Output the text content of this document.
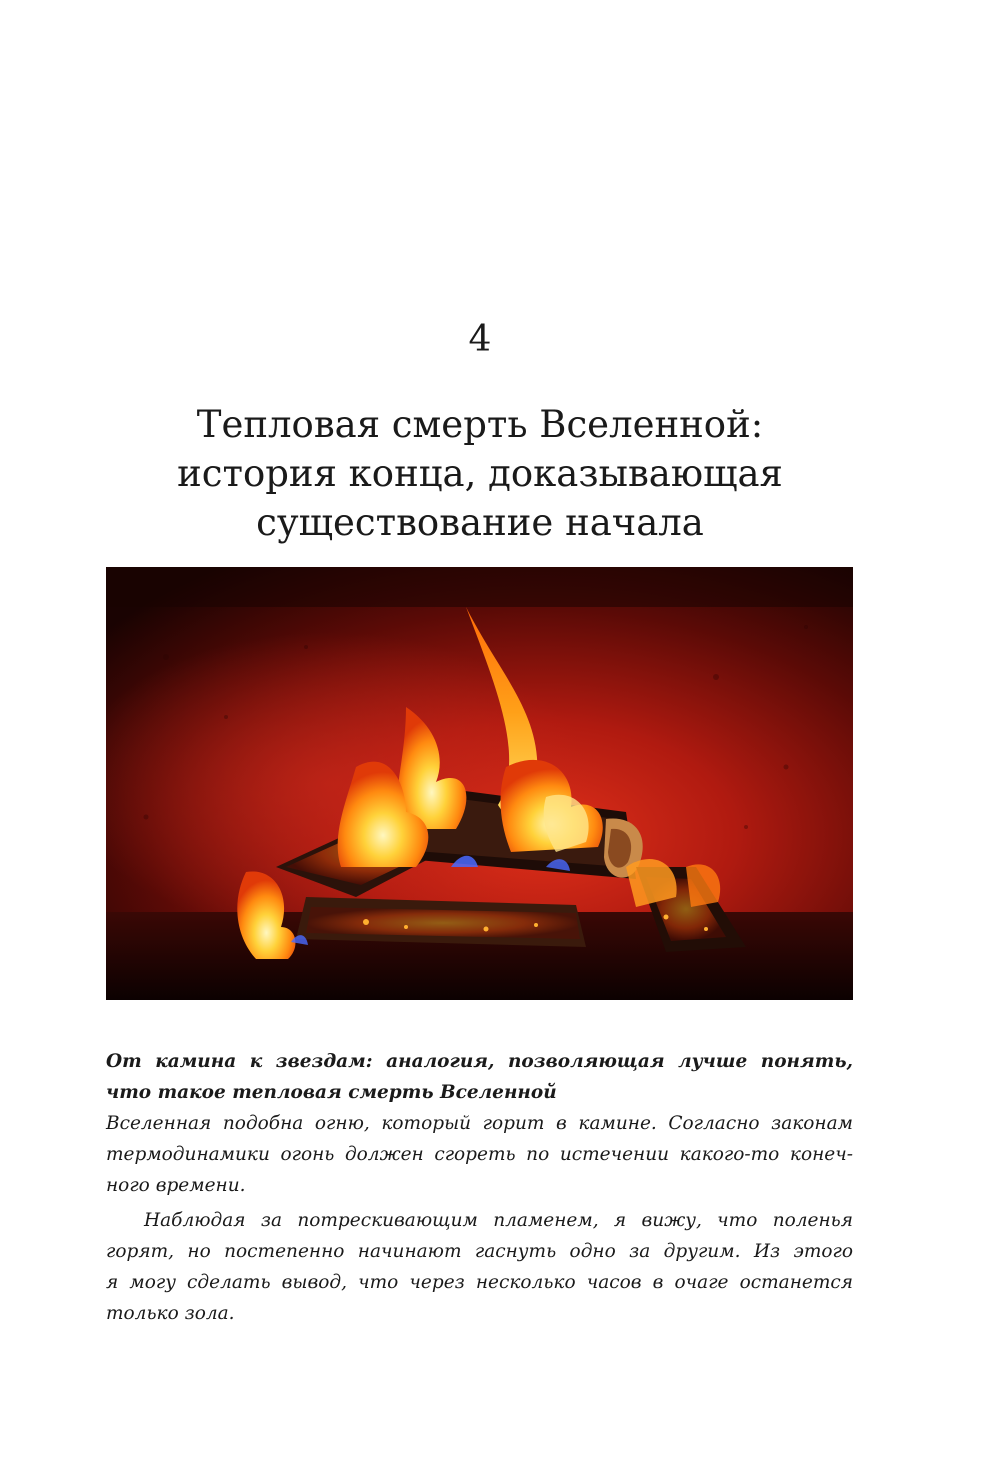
4
Тепловая смерть Вселенной:
история конца, доказывающая
существование начала
От камина к звездам: аналогия, позволяющая лучше понять,
что такое тепловая смерть Вселенной
Вселенная подобна огню, который горит в камине. Согласно законам
термодинамики огонь должен сгореть по истечении какого-то конеч-
ного времени.
Наблюдая за потрескивающим пламенем, я вижу, что поленья
горят, но постепенно начинают гаснуть одно за другим. Из этого
я могу сделать вывод, что через несколько часов в очаге останется
только зола.
